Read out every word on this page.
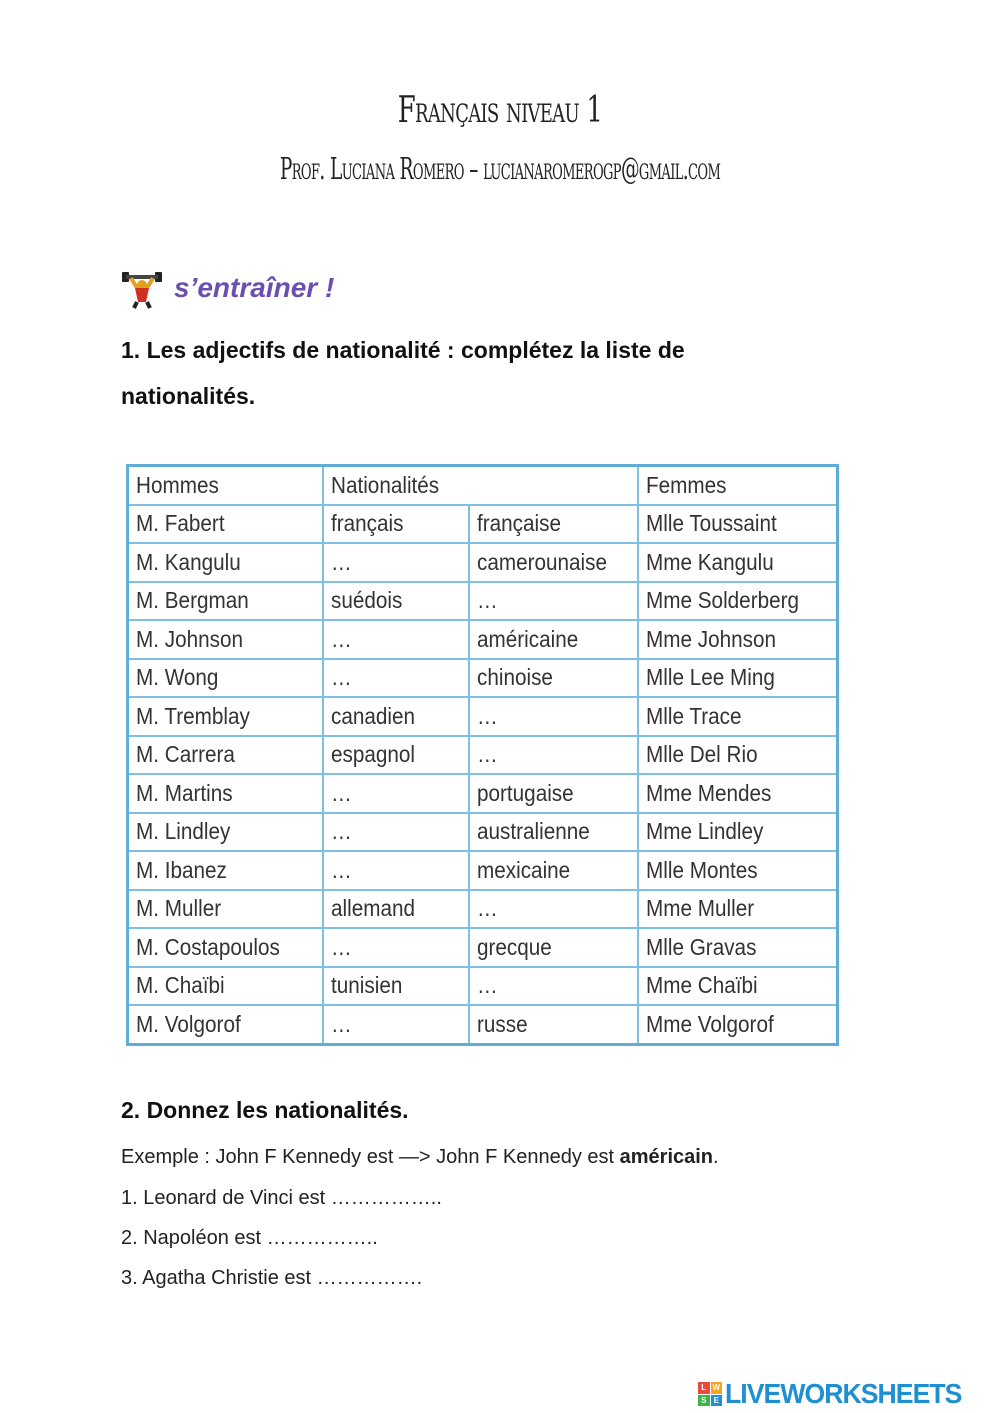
Français niveau 1
Prof. Luciana Romero – lucianaromerogp@gmail.com
s’entraîner !
1. Les adjectifs de nationalité : complétez la liste de
nationalités.
Hommes	Nationalités		Femmes
M. Fabert	français	française	Mlle Toussaint
M. Kangulu	…	camerounaise	Mme Kangulu
M. Bergman	suédois	…	Mme Solderberg
M. Johnson	…	américaine	Mme Johnson
M. Wong	…	chinoise	Mlle Lee Ming
M. Tremblay	canadien	…	Mlle Trace
M. Carrera	espagnol	…	Mlle Del Rio
M. Martins	…	portugaise	Mme Mendes
M. Lindley	…	australienne	Mme Lindley
M. Ibanez	…	mexicaine	Mlle Montes
M. Muller	allemand	…	Mme Muller
M. Costapoulos	…	grecque	Mlle Gravas
M. Chaïbi	tunisien	…	Mme Chaïbi
M. Volgorof	…	russe	Mme Volgorof
2. Donnez les nationalités.
Exemple : John F Kennedy est —> John F Kennedy est américain.
1. Leonard de Vinci est ……………..
2. Napoléon est ……………..
3. Agatha Christie est …………….
L W
S E LIVEWORKSHEETS
